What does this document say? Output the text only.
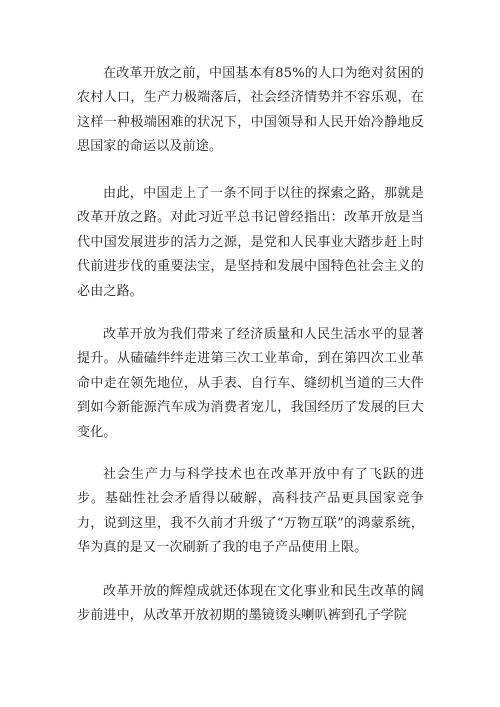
在改革开放之前，中国基本有85%的人口为绝对贫困的农村人口，生产力极端落后，社会经济情势并不容乐观，在这样一种极端困难的状况下，中国领导和人民开始冷静地反思国家的命运以及前途。

由此，中国走上了一条不同于以往的探索之路，那就是改革开放之路。对此习近平总书记曾经指出：改革开放是当代中国发展进步的活力之源，是党和人民事业大踏步赶上时代前进步伐的重要法宝，是坚持和发展中国特色社会主义的必由之路。

改革开放为我们带来了经济质量和人民生活水平的显著提升。从磕磕绊绊走进第三次工业革命，到在第四次工业革命中走在领先地位，从手表、自行车、缝纫机当道的三大件到如今新能源汽车成为消费者宠儿，我国经历了发展的巨大变化。

社会生产力与科学技术也在改革开放中有了飞跃的进步。基础性社会矛盾得以破解，高科技产品更具国家竞争力，说到这里，我不久前才升级了“万物互联”的鸿蒙系统，华为真的是又一次刷新了我的电子产品使用上限。

改革开放的辉煌成就还体现在文化事业和民生改革的阔步前进中，从改革开放初期的墨镜烫头喇叭裤到孔子学院
